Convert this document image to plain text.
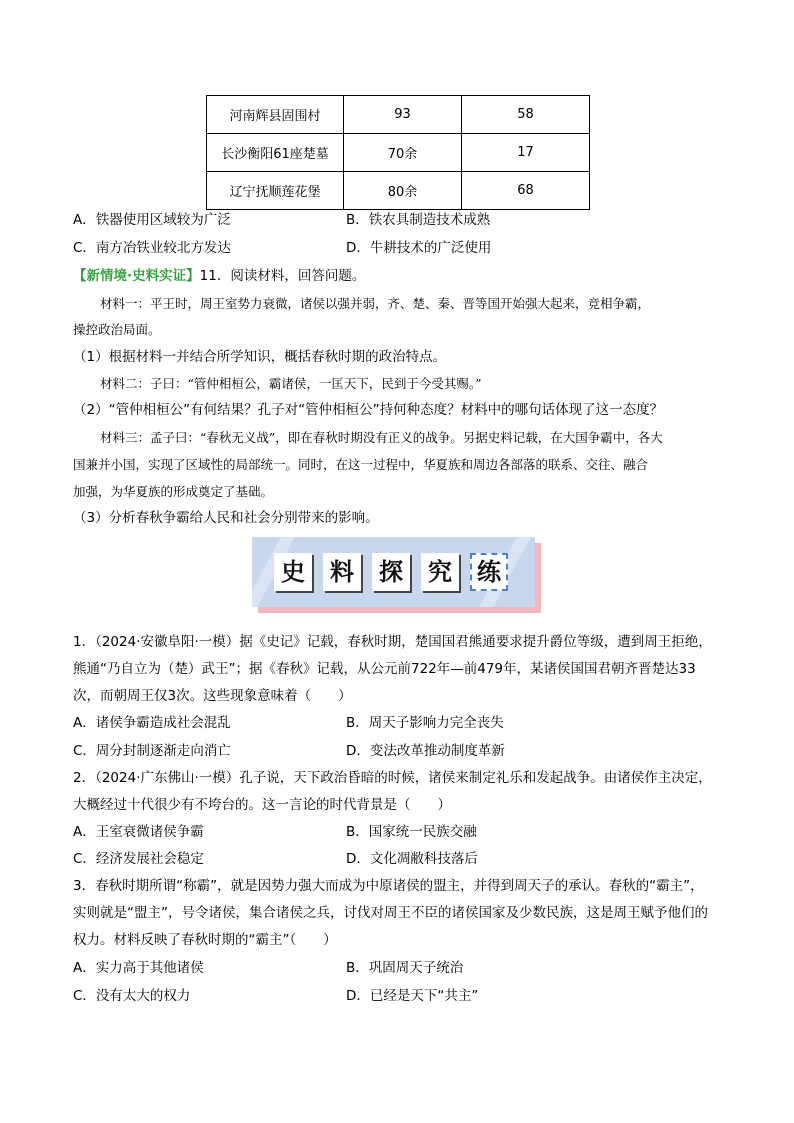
河南辉县固围村	93	58
长沙衡阳61座楚墓	70余	17
辽宁抚顺莲花堡	80余	68
A．铁器使用区域较为广泛	B．铁农具制造技术成熟
C．南方冶铁业较北方发达	D．牛耕技术的广泛使用
【新情境·史料实证】11．阅读材料，回答问题。
材料一：平王时，周王室势力衰微，诸侯以强并弱，齐、楚、秦、晋等国开始强大起来，竞相争霸，
操控政治局面。
（1）根据材料一并结合所学知识，概括春秋时期的政治特点。
材料二：子曰：“管仲相桓公，霸诸侯，一匡天下，民到于今受其赐。”
（2）“管仲相桓公”有何结果？孔子对“管仲相桓公”持何种态度？材料中的哪句话体现了这一态度？
材料三：孟子曰：“春秋无义战”，即在春秋时期没有正义的战争。另据史料记载，在大国争霸中，各大
国兼并小国，实现了区域性的局部统一。同时，在这一过程中，华夏族和周边各部落的联系、交往、融合
加强，为华夏族的形成奠定了基础。
（3）分析春秋争霸给人民和社会分别带来的影响。
史 料 探 究 练
1．（2024·安徽阜阳·一模）据《史记》记载，春秋时期，楚国国君熊通要求提升爵位等级，遭到周王拒绝，
熊通“乃自立为（楚）武王”；据《春秋》记载，从公元前722年—前479年，某诸侯国国君朝齐晋楚达33
次，而朝周王仅3次。这些现象意味着（　　）
A．诸侯争霸造成社会混乱	B．周天子影响力完全丧失
C．周分封制逐渐走向消亡	D．变法改革推动制度革新
2．（2024·广东佛山·一模）孔子说，天下政治昏暗的时候，诸侯来制定礼乐和发起战争。由诸侯作主决定，
大概经过十代很少有不垮台的。这一言论的时代背景是（　　）
A．王室衰微诸侯争霸	B．国家统一民族交融
C．经济发展社会稳定	D．文化凋敝科技落后
3．春秋时期所谓“称霸”，就是因势力强大而成为中原诸侯的盟主，并得到周天子的承认。春秋的“霸主”，
实则就是“盟主”，号令诸侯，集合诸侯之兵，讨伐对周王不臣的诸侯国家及少数民族，这是周王赋予他们的
权力。材料反映了春秋时期的“霸主”（　　）
A．实力高于其他诸侯	B．巩固周天子统治
C．没有太大的权力	D．已经是天下“共主”
